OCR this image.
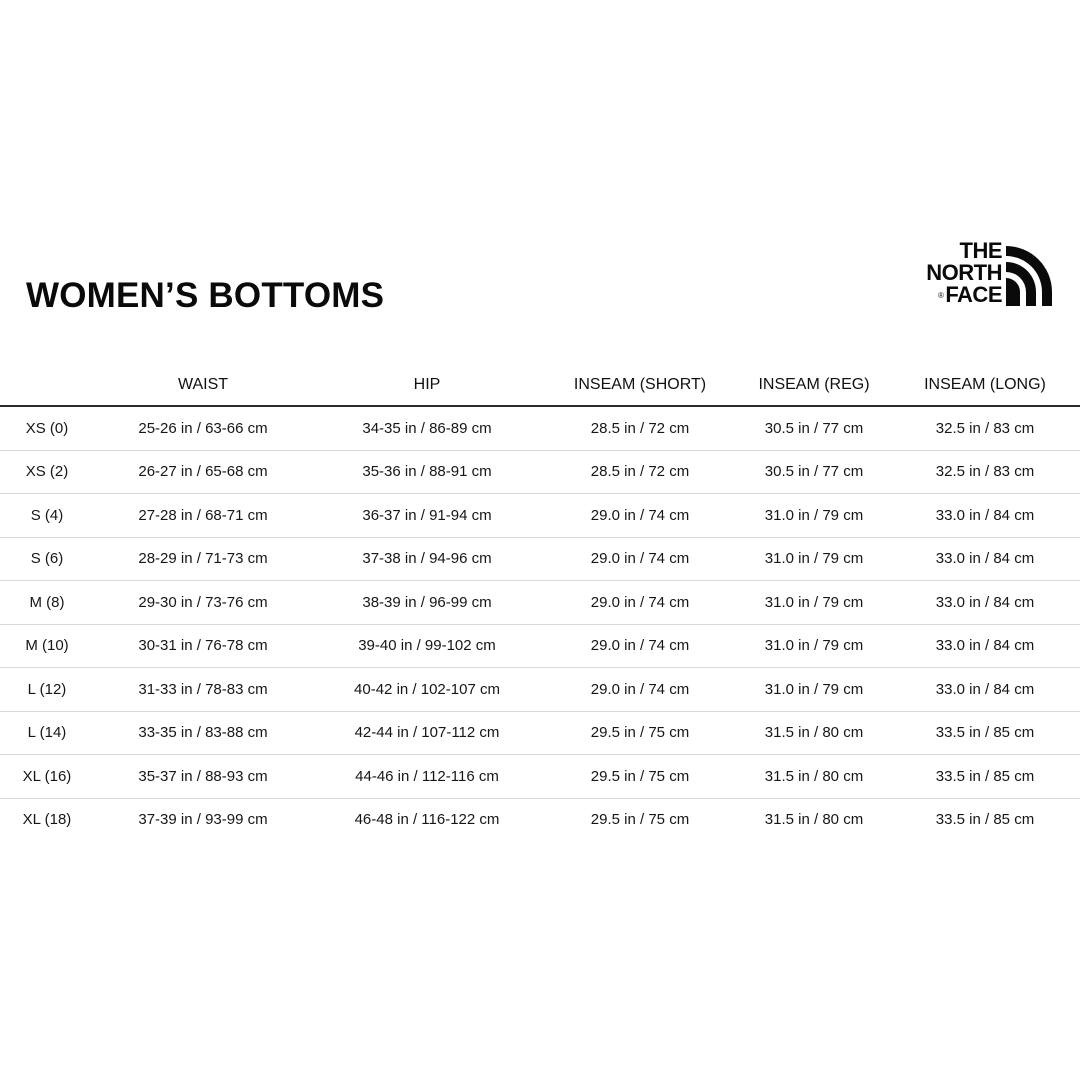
WOMEN’S BOTTOMS
THE
NORTH
®FACE
	WAIST	HIP	INSEAM (SHORT)	INSEAM (REG)	INSEAM (LONG)
XS (0)	25-26 in / 63-66 cm	34-35 in / 86-89 cm	28.5 in / 72 cm	30.5 in / 77 cm	32.5 in / 83 cm
XS (2)	26-27 in / 65-68 cm	35-36 in / 88-91 cm	28.5 in / 72 cm	30.5 in / 77 cm	32.5 in / 83 cm
S (4)	27-28 in / 68-71 cm	36-37 in / 91-94 cm	29.0 in / 74 cm	31.0 in / 79 cm	33.0 in / 84 cm
S (6)	28-29 in / 71-73 cm	37-38 in / 94-96 cm	29.0 in / 74 cm	31.0 in / 79 cm	33.0 in / 84 cm
M (8)	29-30 in / 73-76 cm	38-39 in / 96-99 cm	29.0 in / 74 cm	31.0 in / 79 cm	33.0 in / 84 cm
M (10)	30-31 in / 76-78 cm	39-40 in / 99-102 cm	29.0 in / 74 cm	31.0 in / 79 cm	33.0 in / 84 cm
L (12)	31-33 in / 78-83 cm	40-42 in / 102-107 cm	29.0 in / 74 cm	31.0 in / 79 cm	33.0 in / 84 cm
L (14)	33-35 in / 83-88 cm	42-44 in / 107-112 cm	29.5 in / 75 cm	31.5 in / 80 cm	33.5 in / 85 cm
XL (16)	35-37 in / 88-93 cm	44-46 in / 112-116 cm	29.5 in / 75 cm	31.5 in / 80 cm	33.5 in / 85 cm
XL (18)	37-39 in / 93-99 cm	46-48 in / 116-122 cm	29.5 in / 75 cm	31.5 in / 80 cm	33.5 in / 85 cm
